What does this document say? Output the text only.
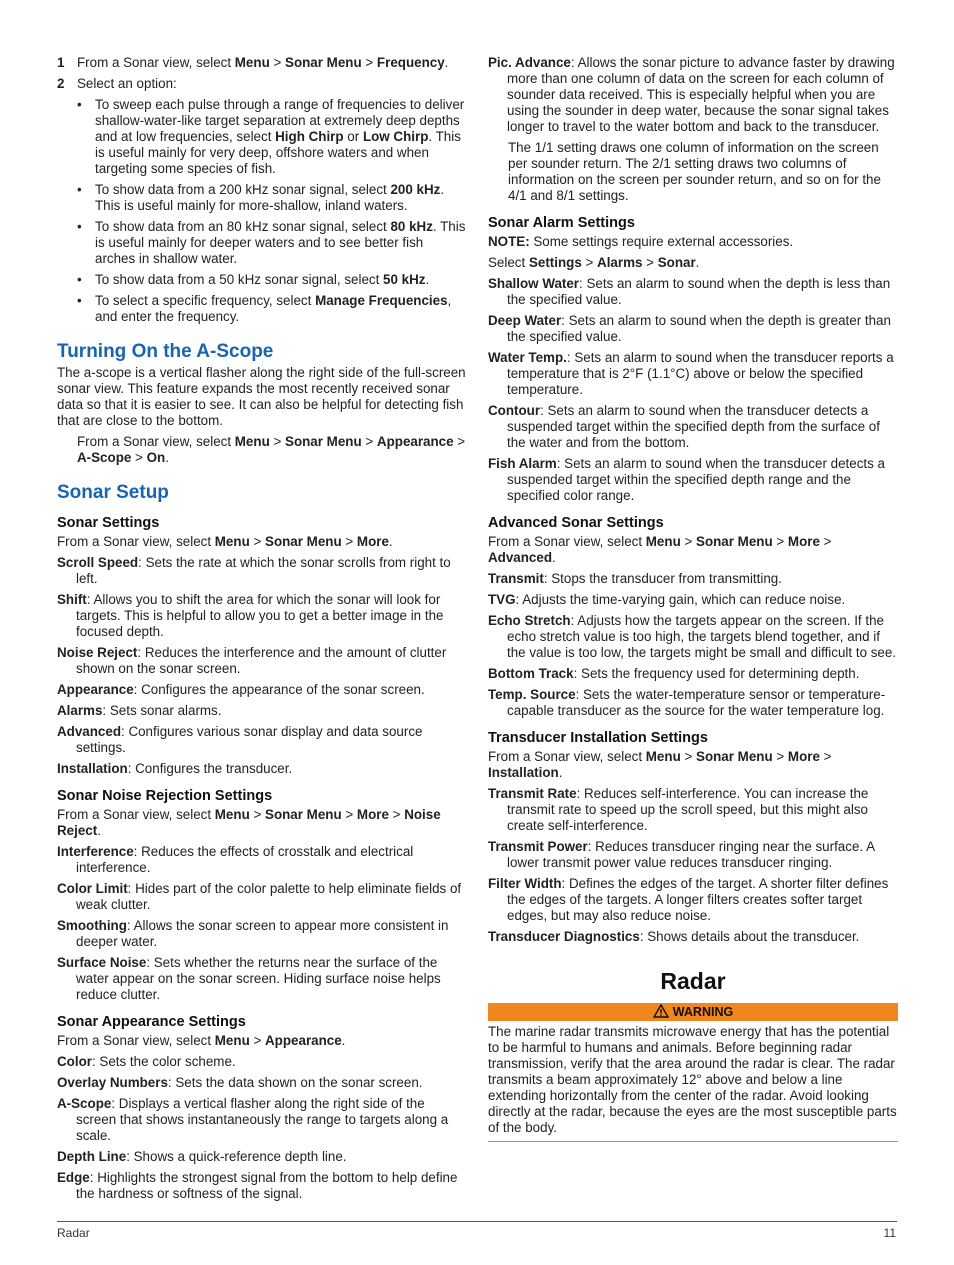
1 From a Sonar view, select Menu > Sonar Menu > Frequency.
2 Select an option:
• To sweep each pulse through a range of frequencies to deliver shallow-water-like target separation at extremely deep depths and at low frequencies, select High Chirp or Low Chirp. This is useful mainly for very deep, offshore waters and when targeting some species of fish.
• To show data from a 200 kHz sonar signal, select 200 kHz. This is useful mainly for more-shallow, inland waters.
• To show data from an 80 kHz sonar signal, select 80 kHz. This is useful mainly for deeper waters and to see better fish arches in shallow water.
• To show data from a 50 kHz sonar signal, select 50 kHz.
• To select a specific frequency, select Manage Frequencies, and enter the frequency.
Turning On the A-Scope

The a-scope is a vertical flasher along the right side of the full-screen sonar view. This feature expands the most recently received sonar data so that it is easier to see. It can also be helpful for detecting fish that are close to the bottom.

From a Sonar view, select Menu > Sonar Menu > Appearance > A-Scope > On.

Sonar Setup
Sonar Settings

From a Sonar view, select Menu > Sonar Menu > More.

Scroll Speed: Sets the rate at which the sonar scrolls from right to left.

Shift: Allows you to shift the area for which the sonar will look for targets. This is helpful to allow you to get a better image in the focused depth.

Noise Reject: Reduces the interference and the amount of clutter shown on the sonar screen.

Appearance: Configures the appearance of the sonar screen.

Alarms: Sets sonar alarms.

Advanced: Configures various sonar display and data source settings.

Installation: Configures the transducer.

Sonar Noise Rejection Settings

From a Sonar view, select Menu > Sonar Menu > More > Noise Reject.

Interference: Reduces the effects of crosstalk and electrical interference.

Color Limit: Hides part of the color palette to help eliminate fields of weak clutter.

Smoothing: Allows the sonar screen to appear more consistent in deeper water.

Surface Noise: Sets whether the returns near the surface of the water appear on the sonar screen. Hiding surface noise helps reduce clutter.

Sonar Appearance Settings

From a Sonar view, select Menu > Appearance.

Color: Sets the color scheme.

Overlay Numbers: Sets the data shown on the sonar screen.

A-Scope: Displays a vertical flasher along the right side of the screen that shows instantaneously the range to targets along a scale.

Depth Line: Shows a quick-reference depth line.

Edge: Highlights the strongest signal from the bottom to help define the hardness or softness of the signal.

Pic. Advance: Allows the sonar picture to advance faster by drawing more than one column of data on the screen for each column of sounder data received. This is especially helpful when you are using the sounder in deep water, because the sonar signal takes longer to travel to the water bottom and back to the transducer.

The 1/1 setting draws one column of information on the screen per sounder return. The 2/1 setting draws two columns of information on the screen per sounder return, and so on for the 4/1 and 8/1 settings.

Sonar Alarm Settings

NOTE: Some settings require external accessories.

Select Settings > Alarms > Sonar.

Shallow Water: Sets an alarm to sound when the depth is less than the specified value.

Deep Water: Sets an alarm to sound when the depth is greater than the specified value.

Water Temp.: Sets an alarm to sound when the transducer reports a temperature that is 2°F (1.1°C) above or below the specified temperature.

Contour: Sets an alarm to sound when the transducer detects a suspended target within the specified depth from the surface of the water and from the bottom.

Fish Alarm: Sets an alarm to sound when the transducer detects a suspended target within the specified depth range and the specified color range.

Advanced Sonar Settings

From a Sonar view, select Menu > Sonar Menu > More > Advanced.

Transmit: Stops the transducer from transmitting.

TVG: Adjusts the time-varying gain, which can reduce noise.

Echo Stretch: Adjusts how the targets appear on the screen. If the echo stretch value is too high, the targets blend together, and if the value is too low, the targets might be small and difficult to see.

Bottom Track: Sets the frequency used for determining depth.

Temp. Source: Sets the water-temperature sensor or temperature-capable transducer as the source for the water temperature log.

Transducer Installation Settings

From a Sonar view, select Menu > Sonar Menu > More > Installation.

Transmit Rate: Reduces self-interference. You can increase the transmit rate to speed up the scroll speed, but this might also create self-interference.

Transmit Power: Reduces transducer ringing near the surface. A lower transmit power value reduces transducer ringing.

Filter Width: Defines the edges of the target. A shorter filter defines the edges of the targets. A longer filters creates softer target edges, but may also reduce noise.

Transducer Diagnostics: Shows details about the transducer.

Radar
WARNING

The marine radar transmits microwave energy that has the potential to be harmful to humans and animals. Before beginning radar transmission, verify that the area around the radar is clear. The radar transmits a beam approximately 12° above and below a line extending horizontally from the center of the radar. Avoid looking directly at the radar, because the eyes are the most susceptible parts of the body.

Radar	11
